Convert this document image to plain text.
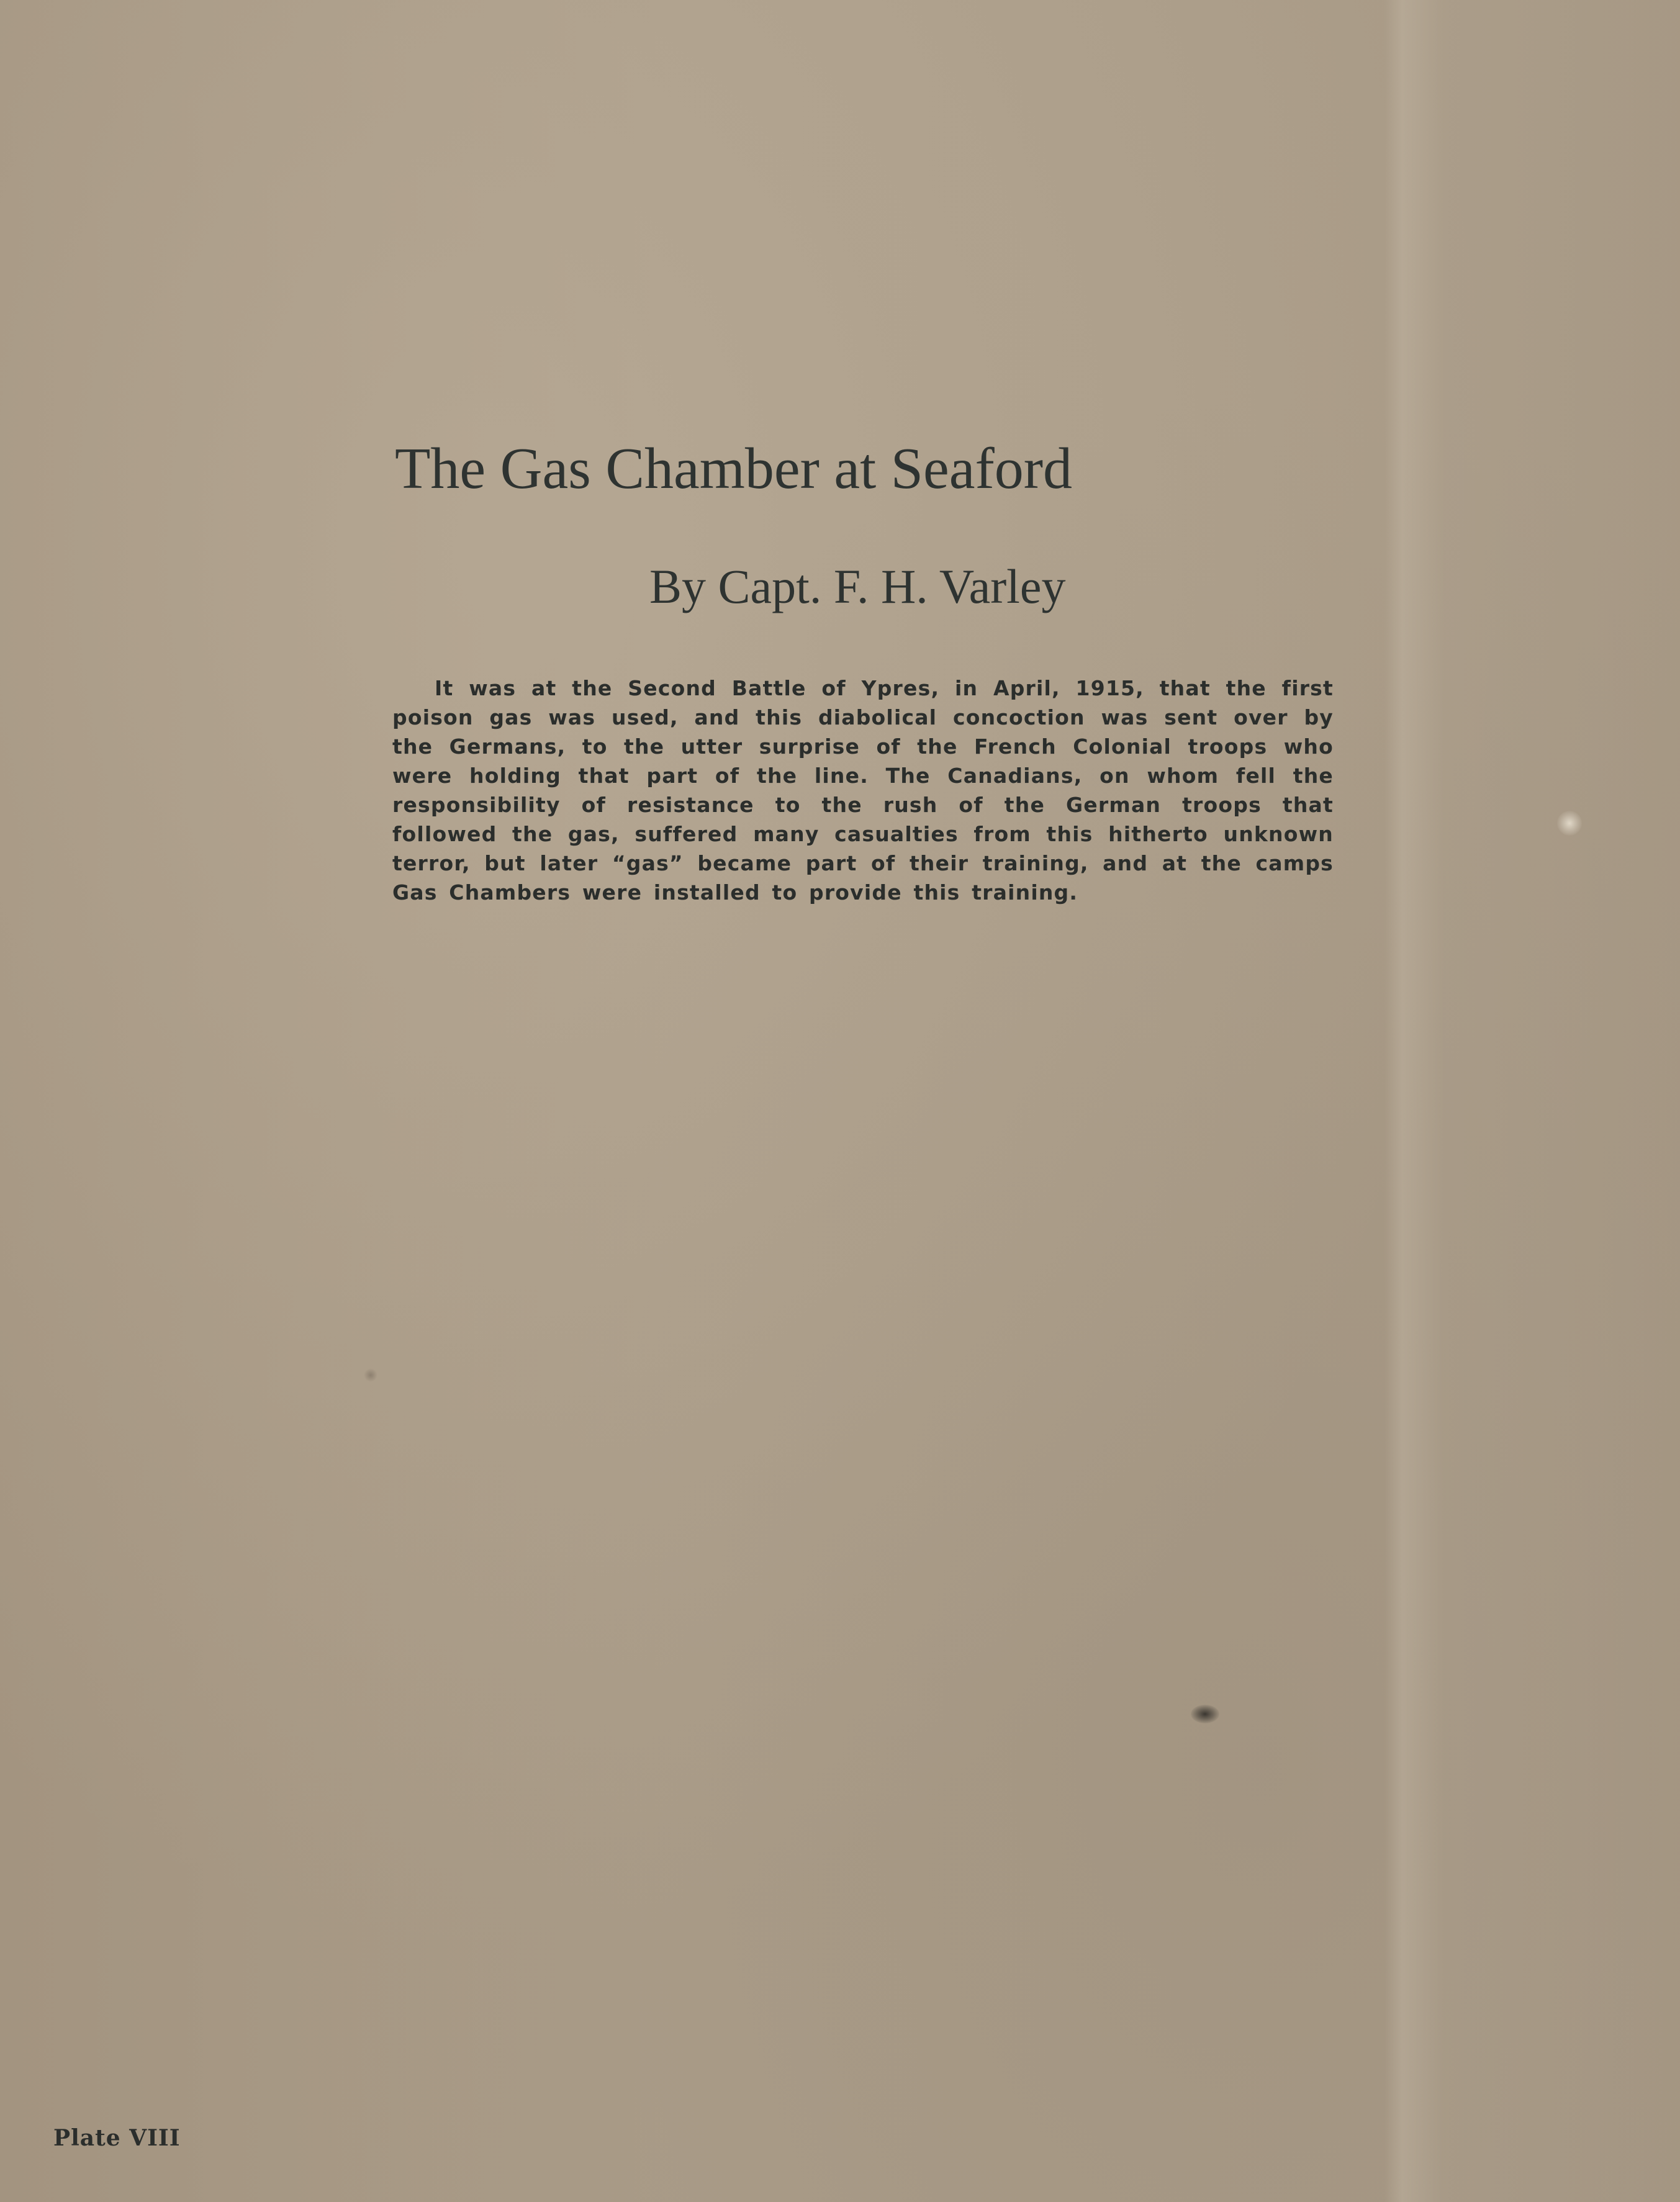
The Gas Chamber at Seaford
By Capt. F. H. Varley

It was at the Second Battle of Ypres, in April, 1915, that the first poison gas was used, and this diabolical concoction was sent over by the Germans, to the utter surprise of the French Colonial troops who were holding that part of the line. The Canadians, on whom fell the responsibility of resistance to the rush of the German troops that followed the gas, suffered many casualties from this hitherto unknown terror, but later “gas” became part of their training, and at the camps Gas Chambers were installed to provide this training.

Plate VIII
